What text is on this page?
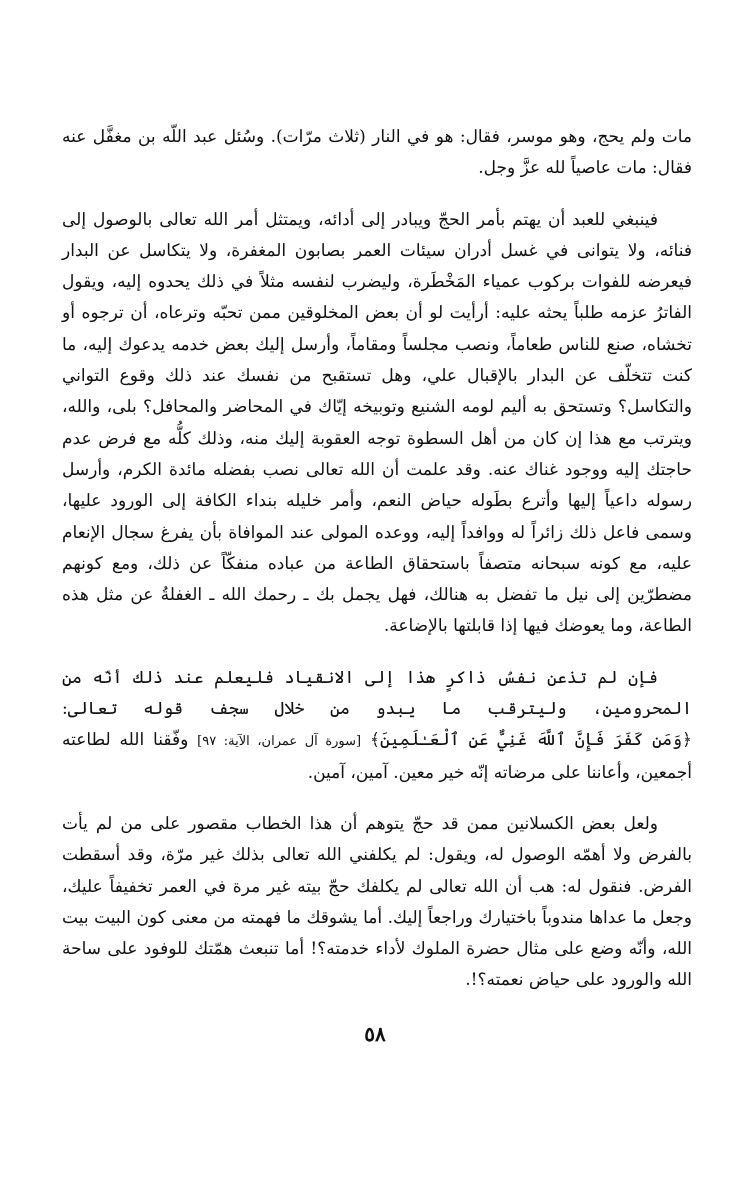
مات ولم يحج، وهو موسر، فقال: هو في النار (ثلاث مرّات). وسُئل عبد اللّه بن مغفَّل عنه فقال: مات عاصياً لله عزَّ وجل.

فينبغي للعبد أن يهتم بأمر الحجّ ويبادر إلى أدائه، ويمتثل أمر الله تعالى بالوصول إلى فنائه، ولا يتوانى في غسل أدران سيئات العمر بصابون المغفرة، ولا يتكاسل عن البدار فيعرضه للفوات بركوب عمياء المَخْطَرة، وليضرب لنفسه مثلاً في ذلك يحدوه إليه، ويقول الفاترُ عزمه طلباً يحثه عليه: أرأيت لو أن بعض المخلوقين ممن تحبّه وترعاه، أن ترجوه أو تخشاه، صنع للناس طعاماً، ونصب مجلساً ومقاماً، وأرسل إليك بعض خدمه يدعوك إليه، ما كنت تتخلّف عن البدار بالإقبال علي، وهل تستقبح من نفسك عند ذلك وقوع التواني والتكاسل؟ وتستحق به أليم لومه الشنيع وتوبيخه إيّاك في المحاضر والمحافل؟ بلى، والله، ويترتب مع هذا إن كان من أهل السطوة توجه العقوبة إليك منه، وذلك كلُّه مع فرض عدم حاجتك إليه ووجود غناك عنه. وقد علمت أن الله تعالى نصب بفضله مائدة الكرم، وأرسل رسوله داعياً إليها وأترع بطَوله حياض النعم، وأمر خليله بنداء الكافة إلى الورود عليها، وسمى فاعل ذلك زائراً له ووافداً إليه، ووعده المولى عند الموافاة بأن يفرغ سجال الإنعام عليه، مع كونه سبحانه متصفاً باستحقاق الطاعة من عباده منفكّاً عن ذلك، ومع كونهم مضطرّين إلى نيل ما تفضل به هنالك، فهل يجمل بك ـ رحمك الله ـ الغفلةُ عن مثل هذه الطاعة، وما يعوضك فيها إذا قابلتها بالإضاعة.

فإن لم تذعن نفسُ ذاكرٍ هذا إلى الانقياد فليعلم عند ذلك أنّه من المحرومين، وليترقب ما يبدو من خلال سجف قوله تعالى: ﴿وَمَن كَفَرَ فَإِنَّ ٱللَّهَ غَنِيٌّ عَنِ ٱلْعَـٰلَمِينَ﴾ [سورة آل عمران، الآية: ٩٧] وفّقنا الله لطاعته أجمعين، وأعاننا على مرضاته إنّه خير معين. آمين، آمين.

ولعل بعض الكسلانين ممن قد حجّ يتوهم أن هذا الخطاب مقصور على من لم يأت بالفرض ولا أهمّه الوصول له، ويقول: لم يكلفني الله تعالى بذلك غير مرّة، وقد أسقطت الفرض. فنقول له: هب أن الله تعالى لم يكلفك حجّ بيته غير مرة في العمر تخفيفاً عليك، وجعل ما عداها مندوباً باختيارك وراجعاً إليك. أما يشوقك ما فهمته من معنى كون البيت بيت الله، وأنّه وضع على مثال حضرة الملوك لأداء خدمته؟! أما تنبعث همّتك للوفود على ساحة الله والورود على حياض نعمته؟!.

٥٨
